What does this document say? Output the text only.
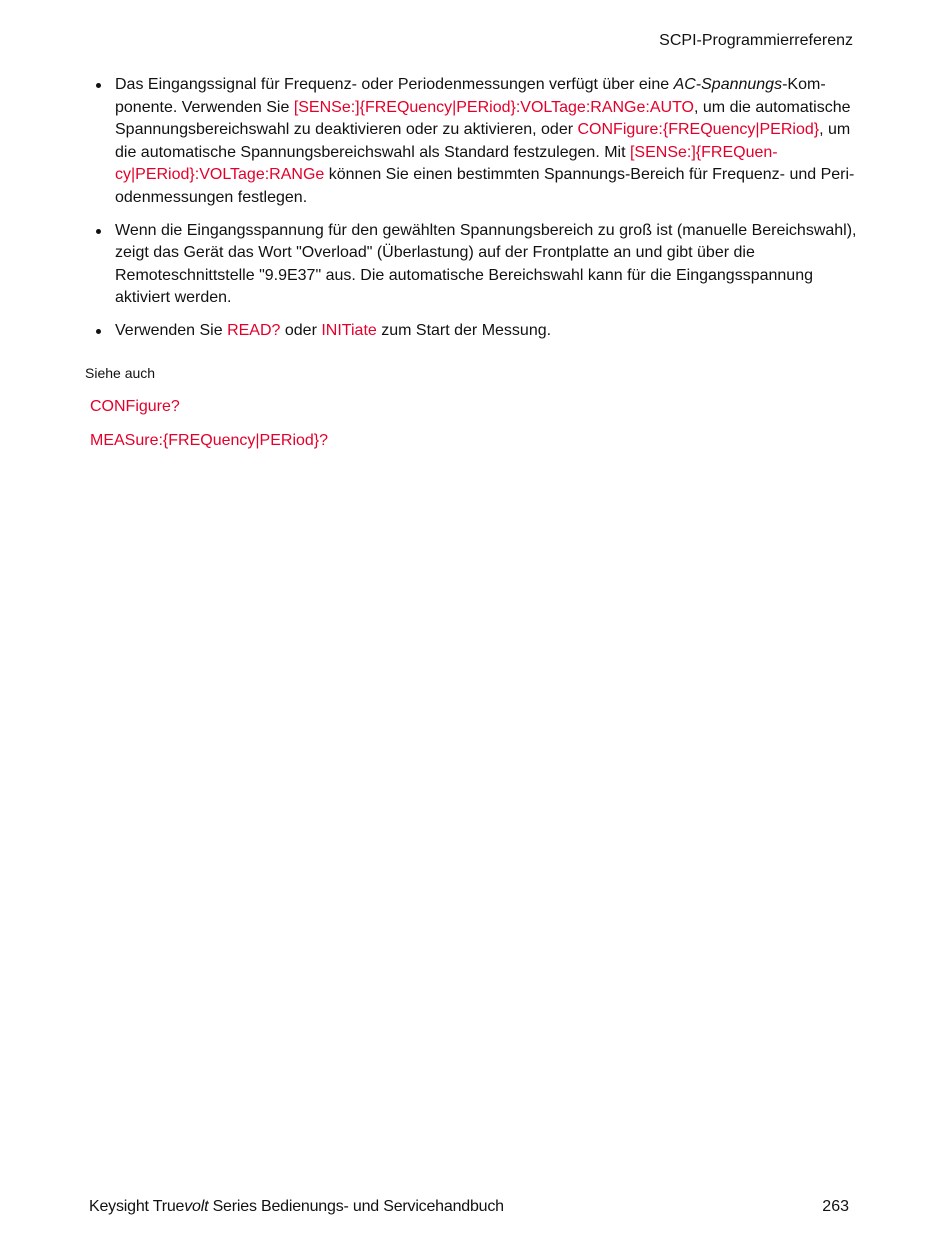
SCPI-Programmierreferenz
Das Eingangssignal für Frequenz- oder Periodenmessungen verfügt über eine AC-Spannungs-Komponente. Verwenden Sie [SENSe:]{FREQuency|PERiod}:VOLTage:RANGe:AUTO, um die automatische Spannungsbereichswahl zu deaktivieren oder zu aktivieren, oder CONFigure:{FREQuency|PERiod}, um die automatische Spannungsbereichswahl als Standard festzulegen. Mit [SENSe:]{FREQuency|PERiod}:VOLTage:RANGe können Sie einen bestimmten Spannungs-Bereich für Frequenz- und Periodenmessungen festlegen.
Wenn die Eingangsspannung für den gewählten Spannungsbereich zu groß ist (manuelle Bereichswahl), zeigt das Gerät das Wort "Overload" (Überlastung) auf der Frontplatte an und gibt über die Remoteschnittstelle "9.9E37" aus. Die automatische Bereichswahl kann für die Eingangsspannung aktiviert werden.
Verwenden Sie READ? oder INITiate zum Start der Messung.
Siehe auch
CONFigure?
MEASure:{FREQuency|PERiod}?
Keysight Truevolt Series Bedienungs- und Servicehandbuch	263
